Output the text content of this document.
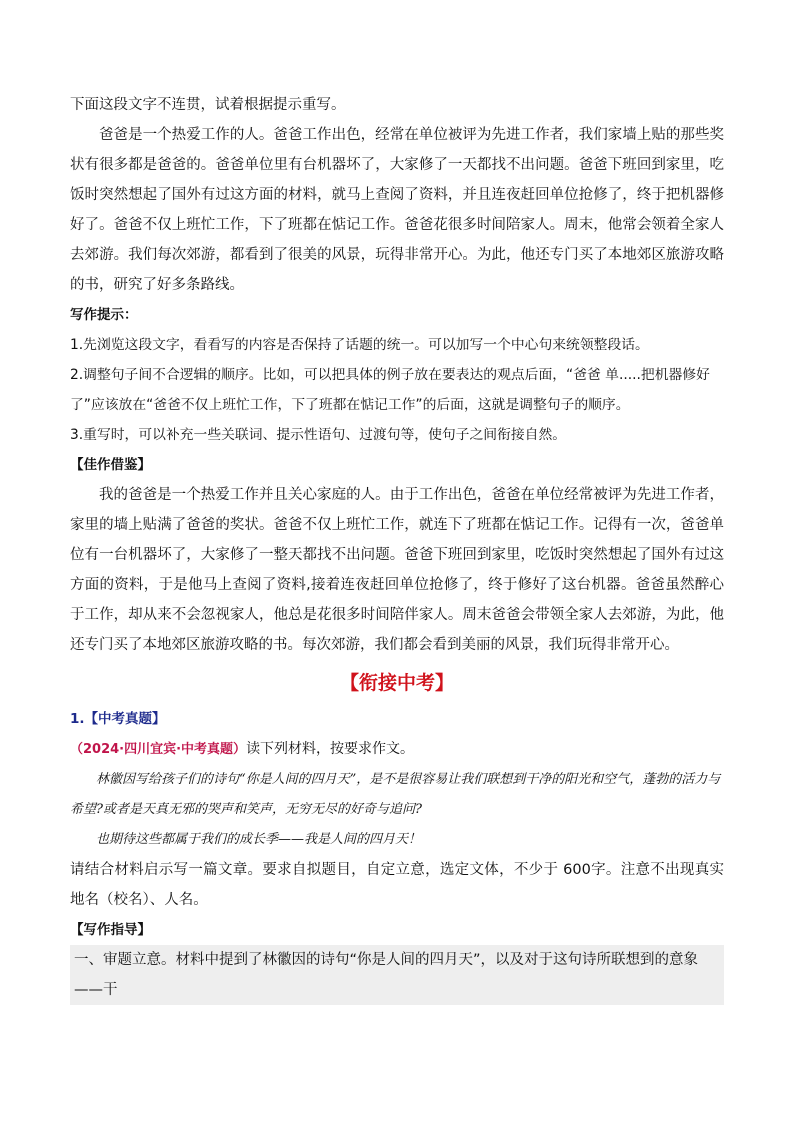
下面这段文字不连贯，试着根据提示重写。

爸爸是一个热爱工作的人。爸爸工作出色，经常在单位被评为先进工作者，我们家墙上贴的那些奖状有很多都是爸爸的。爸爸单位里有台机器坏了，大家修了一天都找不出问题。爸爸下班回到家里，吃饭时突然想起了国外有过这方面的材料，就马上查阅了资料，并且连夜赶回单位抢修了，终于把机器修好了。爸爸不仅上班忙工作，下了班都在惦记工作。爸爸花很多时间陪家人。周末，他常会领着全家人去郊游。我们每次郊游，都看到了很美的风景，玩得非常开心。为此，他还专门买了本地郊区旅游攻略的书，研究了好多条路线。

写作提示：

1.先浏览这段文字，看看写的内容是否保持了话题的统一。可以加写一个中心句来统领整段话。

2.调整句子间不合逻辑的顺序。比如，可以把具体的例子放在要表达的观点后面，“爸爸 单.....把机器修好了”应该放在“爸爸不仅上班忙工作，下了班都在惦记工作”的后面，这就是调整句子的顺序。

3.重写时，可以补充一些关联词、提示性语句、过渡句等，使句子之间衔接自然。

【佳作借鉴】

我的爸爸是一个热爱工作并且关心家庭的人。由于工作出色，爸爸在单位经常被评为先进工作者，家里的墙上贴满了爸爸的奖状。爸爸不仅上班忙工作，就连下了班都在惦记工作。记得有一次，爸爸单位有一台机器坏了，大家修了一整天都找不出问题。爸爸下班回到家里，吃饭时突然想起了国外有过这方面的资料，于是他马上查阅了资料,接着连夜赶回单位抢修了，终于修好了这台机器。爸爸虽然醉心于工作，却从来不会忽视家人，他总是花很多时间陪伴家人。周末爸爸会带领全家人去郊游，为此，他还专门买了本地郊区旅游攻略的书。每次郊游，我们都会看到美丽的风景，我们玩得非常开心。

【衔接中考】

1.【中考真题】

（2024·四川宜宾·中考真题）读下列材料，按要求作文。

林徽因写给孩子们的诗句“你是人间的四月天”，是不是很容易让我们联想到干净的阳光和空气，蓬勃的活力与希望?或者是天真无邪的哭声和笑声，无穷无尽的好奇与追问?

也期待这些都属于我们的成长季——我是人间的四月天！

请结合材料启示写一篇文章。要求自拟题目，自定立意，选定文体，不少于 600字。注意不出现真实地名（校名）、人名。

【写作指导】

一、审题立意。材料中提到了林徽因的诗句“你是人间的四月天”，以及对于这句诗所联想到的意象——干
